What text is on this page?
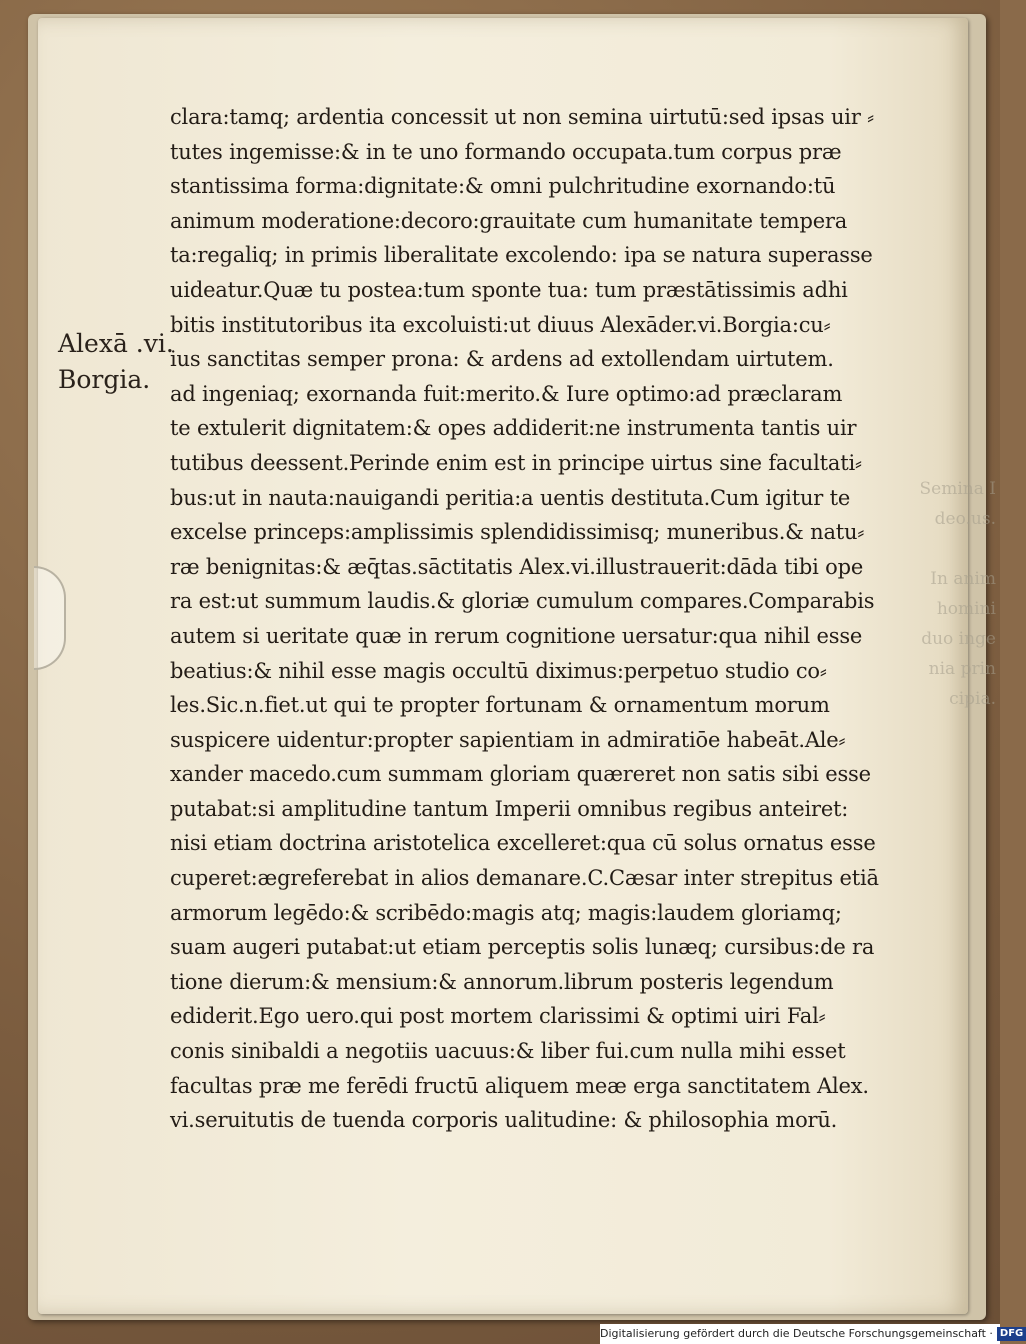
Semina I
deo.us.

In anim
homini
duo inge
nia prin
cipia.
Alexā .vi.
Borgia.
clara:tamq; ardentia concessit ut non semina uirtutū:sed ipsas uir ⸗
tutes ingemisse:& in te uno formando occupata.tum corpus præ
stantissima forma:dignitate:& omni pulchritudine exornando:tū
animum moderatione:decoro:grauitate cum humanitate tempera
ta:regaliq; in primis liberalitate excolendo: ipa se natura superasse
uideatur.Quæ tu postea:tum sponte tua: tum præstātissimis adhi
bitis institutoribus ita excoluisti:ut diuus Alexāder.vi.Borgia:cu⸗
ius sanctitas semper prona: & ardens ad extollendam uirtutem.
ad ingeniaq; exornanda fuit:merito.& Iure optimo:ad præclaram
te extulerit dignitatem:& opes addiderit:ne instrumenta tantis uir
tutibus deessent.Perinde enim est in principe uirtus sine facultati⸗
bus:ut in nauta:nauigandi peritia:a uentis destituta.Cum igitur te
excelse princeps:amplissimis splendidissimisq; muneribus.& natu⸗
ræ benignitas:& æq̄tas.sāctitatis Alex.vi.illustrauerit:dāda tibi ope
ra est:ut summum laudis.& gloriæ cumulum compares.Comparabis
autem si ueritate quæ in rerum cognitione uersatur:qua nihil esse
beatius:& nihil esse magis occultū diximus:perpetuo studio co⸗
les.Sic.n.fiet.ut qui te propter fortunam & ornamentum morum
suspicere uidentur:propter sapientiam in admiratiōe habeāt.Ale⸗
xander macedo.cum summam gloriam quæreret non satis sibi esse
putabat:si amplitudine tantum Imperii omnibus regibus anteiret:
nisi etiam doctrina aristotelica excelleret:qua cū solus ornatus esse
cuperet:ægreferebat in alios demanare.C.Cæsar inter strepitus etiā
armorum legēdo:& scribēdo:magis atq; magis:laudem gloriamq;
suam augeri putabat:ut etiam perceptis solis lunæq; cursibus:de ra
tione dierum:& mensium:& annorum.librum posteris legendum
ediderit.Ego uero.qui post mortem clarissimi & optimi uiri Fal⸗
conis sinibaldi a negotiis uacuus:& liber fui.cum nulla mihi esset
facultas præ me ferēdi fructū aliquem meæ erga sanctitatem Alex.
vi.seruitutis de tuenda corporis ualitudine: & philosophia morū.
Digitalisierung gefördert durch die Deutsche Forschungsgemeinschaft · DFG
